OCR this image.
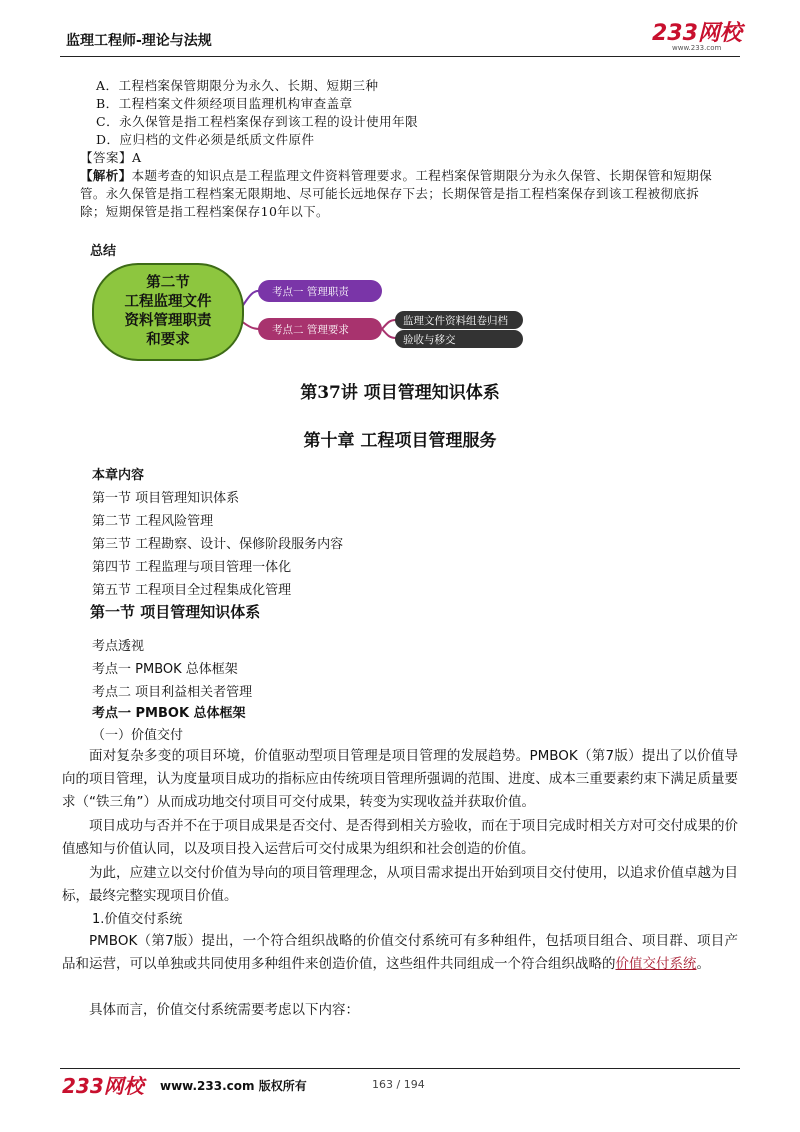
监理工程师-理论与法规	233网校
www.233.com
A．工程档案保管期限分为永久、长期、短期三种
B．工程档案文件须经项目监理机构审查盖章
C．永久保管是指工程档案保存到该工程的设计使用年限
D．应归档的文件必须是纸质文件原件
【答案】A
【解析】本题考查的知识点是工程监理文件资料管理要求。工程档案保管期限分为永久保管、长期保管和短期保管。永久保管是指工程档案无限期地、尽可能长远地保存下去；长期保管是指工程档案保存到该工程被彻底拆除；短期保管是指工程档案保存10年以下。
总结
第二节
工程监理文件
资料管理职责
和要求
考点一 管理职责
考点二 管理要求
监理文件资料组卷归档
验收与移交
第37讲 项目管理知识体系
第十章 工程项目管理服务
本章内容
第一节 项目管理知识体系
第二节 工程风险管理
第三节 工程勘察、设计、保修阶段服务内容
第四节 工程监理与项目管理一体化
第五节 工程项目全过程集成化管理
第一节 项目管理知识体系
考点透视
考点一 PMBOK 总体框架
考点二 项目利益相关者管理
考点一 PMBOK 总体框架
（一）价值交付
面对复杂多变的项目环境，价值驱动型项目管理是项目管理的发展趋势。PMBOK（第7版）提出了以价值导向的项目管理，认为度量项目成功的指标应由传统项目管理所强调的范围、进度、成本三重要素约束下满足质量要求（“铁三角”）从而成功地交付项目可交付成果，转变为实现收益并获取价值。
项目成功与否并不在于项目成果是否交付、是否得到相关方验收，而在于项目完成时相关方对可交付成果的价值感知与价值认同，以及项目投入运营后可交付成果为组织和社会创造的价值。
为此，应建立以交付价值为导向的项目管理理念，从项目需求提出开始到项目交付使用，以追求价值卓越为目标，最终完整实现项目价值。
1.价值交付系统
PMBOK（第7版）提出，一个符合组织战略的价值交付系统可有多种组件，包括项目组合、项目群、项目产品和运营，可以单独或共同使用多种组件来创造价值，这些组件共同组成一个符合组织战略的价值交付系统。
具体而言，价值交付系统需要考虑以下内容：
233网校	www.233.com 版权所有	163 / 194
